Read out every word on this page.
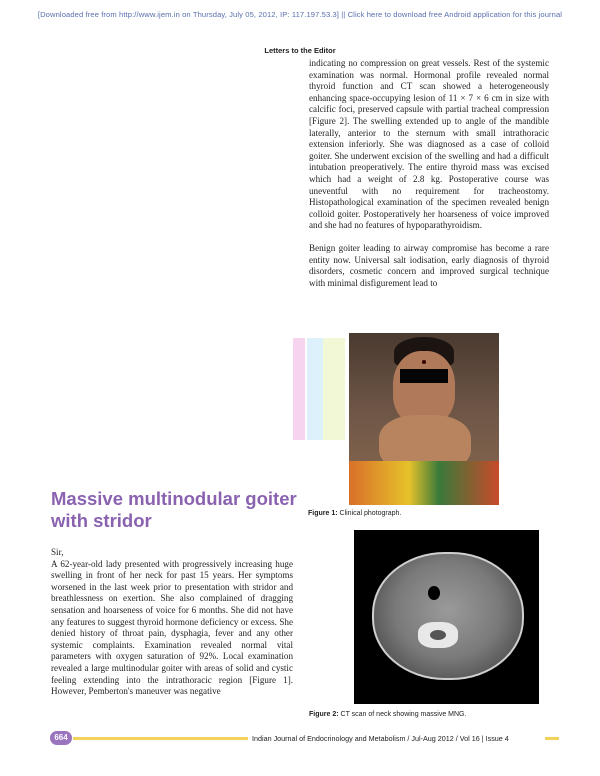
[Downloaded free from http://www.ijem.in on Thursday, July 05, 2012, IP: 117.197.53.3] || Click here to download free Android application for this journal
Letters to the Editor

indicating no compression on great vessels. Rest of the systemic examination was normal. Hormonal profile revealed normal thyroid function and CT scan showed a heterogeneously enhancing space-occupying lesion of 11 × 7 × 6 cm in size with calcific foci, preserved capsule with partial tracheal compression [Figure 2]. The swelling extended up to angle of the mandible laterally, anterior to the sternum with small intrathoracic extension inferiorly. She was diagnosed as a case of colloid goiter. She underwent excision of the swelling and had a difficult intubation preoperatively. The entire thyroid mass was excised which had a weight of 2.8 kg. Postoperative course was uneventful with no requirement for tracheostomy. Histopathological examination of the specimen revealed benign colloid goiter. Postoperatively her hoarseness of voice improved and she had no features of hypoparathyroidism.

Benign goiter leading to airway compromise has become a rare entity now. Universal salt iodisation, early diagnosis of thyroid disorders, cosmetic concern and improved surgical technique with minimal disfigurement lead to

Figure 1: Clinical photograph.
Massive multinodular goiter with stridor

Sir,

A 62-year-old lady presented with progressively increasing huge swelling in front of her neck for past 15 years. Her symptoms worsened in the last week prior to presentation with stridor and breathlessness on exertion. She also complained of dragging sensation and hoarseness of voice for 6 months. She did not have any features to suggest thyroid hormone deficiency or excess. She denied history of throat pain, dysphagia, fever and any other systemic complaints. Examination revealed normal vital parameters with oxygen saturation of 92%. Local examination revealed a large multinodular goiter with areas of solid and cystic feeling extending into the intrathoracic region [Figure 1]. However, Pemberton's maneuver was negative

Figure 2: CT scan of neck showing massive MNG.
664	Indian Journal of Endocrinology and Metabolism / Jul-Aug 2012 / Vol 16 | Issue 4
